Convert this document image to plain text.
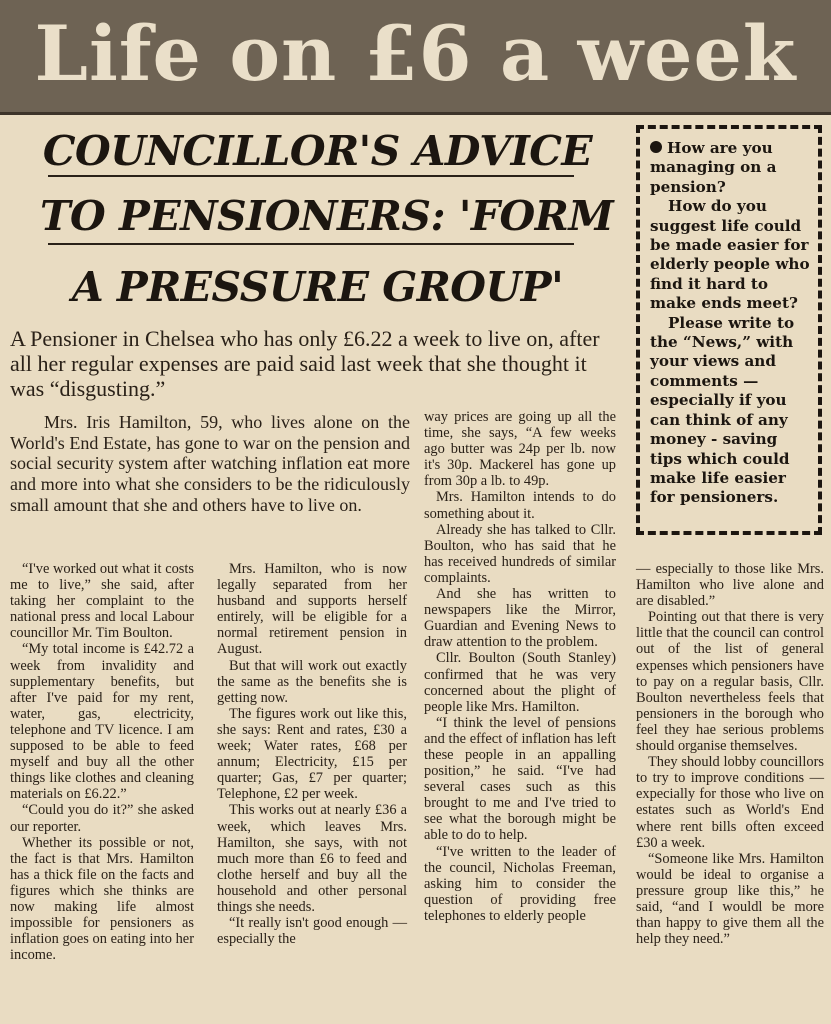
Life on £6 a week
COUNCILLOR'S ADVICE
TO PENSIONERS: 'FORM
A PRESSURE GROUP'

How are you managing on a pension?

How do you suggest life could be made easier for elderly people who find it hard to make ends meet?

Please write to the “News,” with your views and comments — especially if you can think of any money - saving tips which could make life easier for pensioners.

A Pensioner in Chelsea who has only £6.22 a week to live on, after all her regular expenses are paid said last week that she thought it was “disgusting.”
Mrs. Iris Hamilton, 59, who lives alone on the World's End Estate, has gone to war on the pension and social security system after watching inflation eat more and more into what she considers to be the ridiculously small amount that she and others have to live on.

“I've worked out what it costs me to live,” she said, after taking her complaint to the national press and local Labour councillor Mr. Tim Boulton.

“My total income is £42.72 a week from invalidity and supplementary benefits, but after I've paid for my rent, water, gas, electricity, telephone and TV licence. I am supposed to be able to feed myself and buy all the other things like clothes and cleaning materials on £6.22.”

“Could you do it?” she asked our reporter.

Whether its possible or not, the fact is that Mrs. Hamilton has a thick file on the facts and figures which she thinks are now making life almost impossible for pensioners as inflation goes on eating into her income.

Mrs. Hamilton, who is now legally separated from her husband and supports herself entirely, will be eligible for a normal retirement pension in August.

But that will work out exactly the same as the benefits she is getting now.

The figures work out like this, she says: Rent and rates, £30 a week; Water rates, £68 per annum; Electricity, £15 per quarter; Gas, £7 per quarter; Telephone, £2 per week.

This works out at nearly £36 a week, which leaves Mrs. Hamilton, she says, with not much more than £6 to feed and clothe herself and buy all the household and other personal things she needs.

“It really isn't good enough — especially the

way prices are going up all the time, she says, “A few weeks ago butter was 24p per lb. now it's 30p. Mackerel has gone up from 30p a lb. to 49p.

Mrs. Hamilton intends to do something about it.

Already she has talked to Cllr. Boulton, who has said that he has received hundreds of similar complaints.

And she has written to newspapers like the Mirror, Guardian and Evening News to draw attention to the problem.

Cllr. Boulton (South Stanley) confirmed that he was very concerned about the plight of people like Mrs. Hamilton.

“I think the level of pensions and the effect of inflation has left these people in an appalling position,” he said. “I've had several cases such as this brought to me and I've tried to see what the borough might be able to do to help.

“I've written to the leader of the council, Nicholas Freeman, asking him to consider the question of providing free telephones to elderly people

— especially to those like Mrs. Hamilton who live alone and are disabled.”

Pointing out that there is very little that the council can control out of the list of general expenses which pensioners have to pay on a regular basis, Cllr. Boulton nevertheless feels that pensioners in the borough who feel they hae serious problems should organise themselves.

They should lobby councillors to try to improve conditions — expecially for those who live on estates such as World's End where rent bills often exceed £30 a week.

“Someone like Mrs. Hamilton would be ideal to organise a pressure group like this,” he said, “and I wouldl be more than happy to give them all the help they need.”
